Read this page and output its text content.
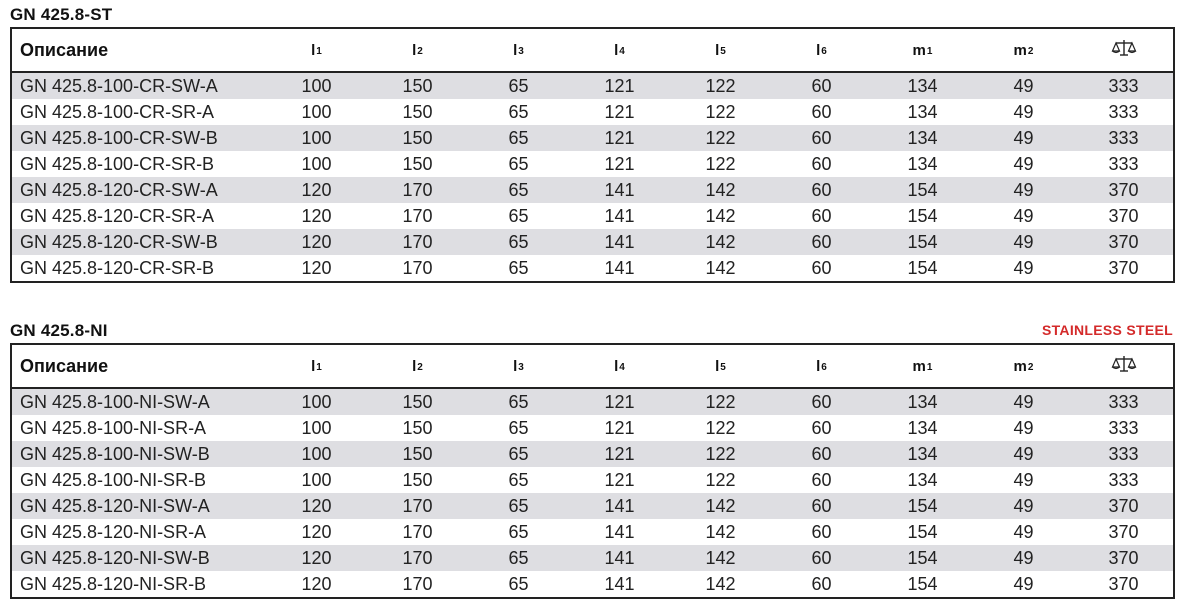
GN 425.8-ST
Описание	l1	l2	l3	l4	l5	l6	m1	m2	
GN 425.8-100-CR-SW-A	100	150	65	121	122	60	134	49	333
GN 425.8-100-CR-SR-A	100	150	65	121	122	60	134	49	333
GN 425.8-100-CR-SW-B	100	150	65	121	122	60	134	49	333
GN 425.8-100-CR-SR-B	100	150	65	121	122	60	134	49	333
GN 425.8-120-CR-SW-A	120	170	65	141	142	60	154	49	370
GN 425.8-120-CR-SR-A	120	170	65	141	142	60	154	49	370
GN 425.8-120-CR-SW-B	120	170	65	141	142	60	154	49	370
GN 425.8-120-CR-SR-B	120	170	65	141	142	60	154	49	370
GN 425.8-NI	STAINLESS STEEL
Описание	l1	l2	l3	l4	l5	l6	m1	m2	
GN 425.8-100-NI-SW-A	100	150	65	121	122	60	134	49	333
GN 425.8-100-NI-SR-A	100	150	65	121	122	60	134	49	333
GN 425.8-100-NI-SW-B	100	150	65	121	122	60	134	49	333
GN 425.8-100-NI-SR-B	100	150	65	121	122	60	134	49	333
GN 425.8-120-NI-SW-A	120	170	65	141	142	60	154	49	370
GN 425.8-120-NI-SR-A	120	170	65	141	142	60	154	49	370
GN 425.8-120-NI-SW-B	120	170	65	141	142	60	154	49	370
GN 425.8-120-NI-SR-B	120	170	65	141	142	60	154	49	370
